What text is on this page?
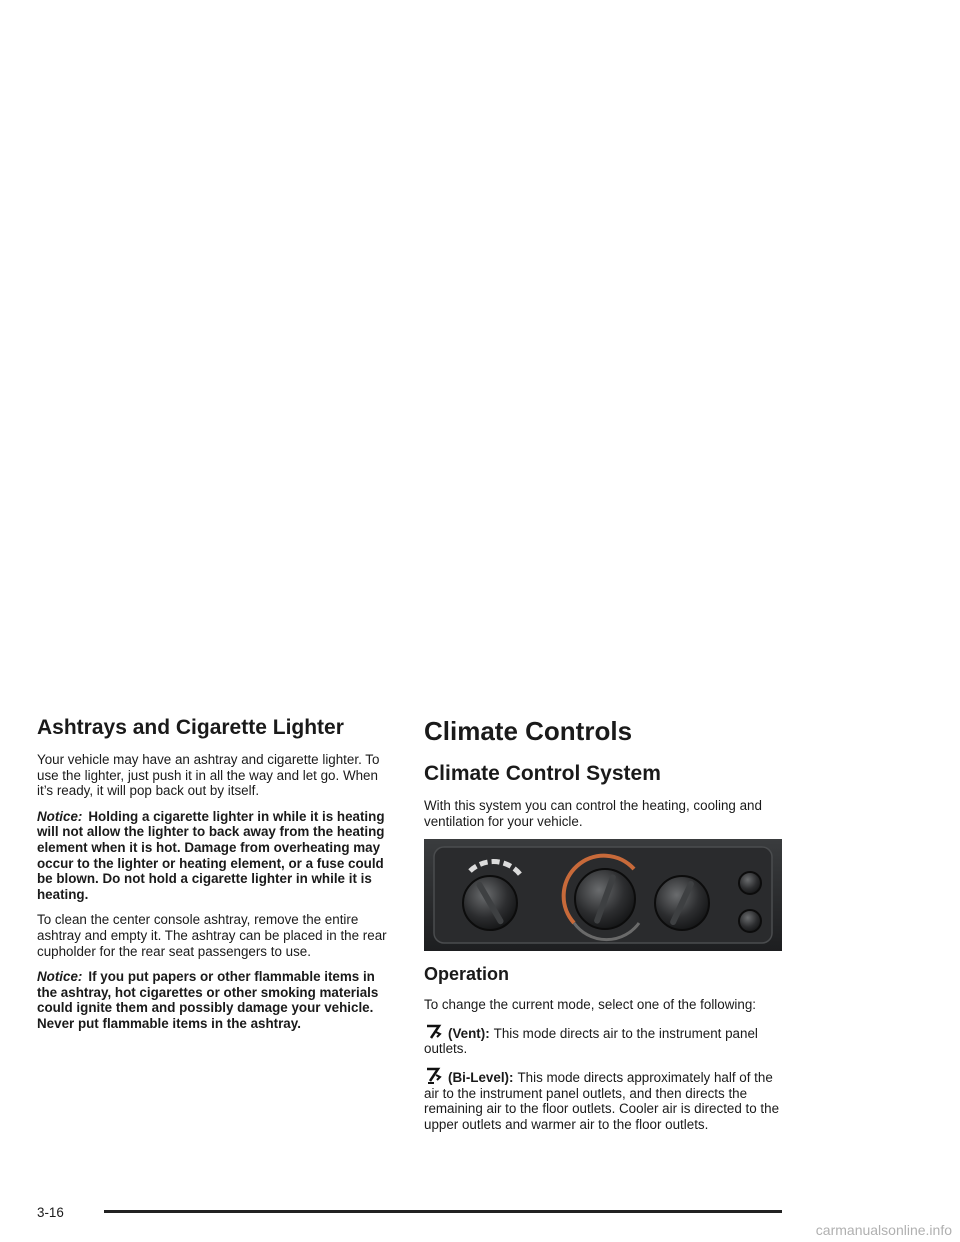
Ashtrays and Cigarette Lighter

Your vehicle may have an ashtray and cigarette lighter. To use the lighter, just push it in all the way and let go. When it’s ready, it will pop back out by itself.

Notice: Holding a cigarette lighter in while it is heating will not allow the lighter to back away from the heating element when it is hot. Damage from overheating may occur to the lighter or heating element, or a fuse could be blown. Do not hold a cigarette lighter in while it is heating.

To clean the center console ashtray, remove the entire ashtray and empty it. The ashtray can be placed in the rear cupholder for the rear seat passengers to use.

Notice: If you put papers or other flammable items in the ashtray, hot cigarettes or other smoking materials could ignite them and possibly damage your vehicle. Never put flammable items in the ashtray.

Climate Controls
Climate Control System

With this system you can control the heating, cooling and ventilation for your vehicle.

Operation

To change the current mode, select one of the following:

(Vent): This mode directs air to the instrument panel outlets.

(Bi-Level): This mode directs approximately half of the air to the instrument panel outlets, and then directs the remaining air to the floor outlets. Cooler air is directed to the upper outlets and warmer air to the floor outlets.

3-16
carmanualsonline.info
